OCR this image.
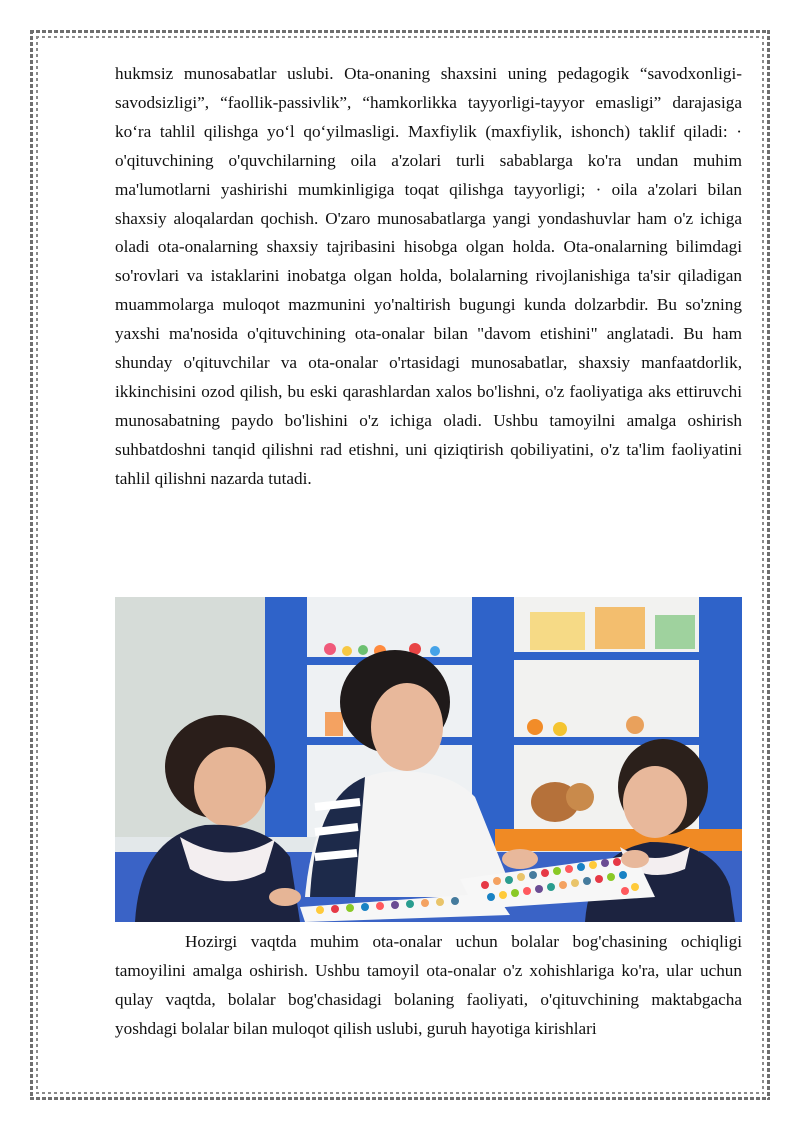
hukmsiz munosabatlar uslubi. Ota-onaning shaxsini uning pedagogik “savodxonligi-savodsizligi”, “faollik-passivlik”, “hamkorlikka tayyorligi-tayyor emasligi” darajasiga ko‘ra tahlil qilishga yo‘l qo‘yilmasligi. Maxfiylik (maxfiylik, ishonch) taklif qiladi: · o'qituvchining o'quvchilarning oila a'zolari turli sabablarga ko'ra undan muhim ma'lumotlarni yashirishi mumkinligiga toqat qilishga tayyorligi; · oila a'zolari bilan shaxsiy aloqalardan qochish. O'zaro munosabatlarga yangi yondashuvlar ham o'z ichiga oladi ota-onalarning shaxsiy tajribasini hisobga olgan holda. Ota-onalarning bilimdagi so'rovlari va istaklarini inobatga olgan holda, bolalarning rivojlanishiga ta'sir qiladigan muammolarga muloqot mazmunini yo'naltirish bugungi kunda dolzarbdir. Bu so'zning yaxshi ma'nosida o'qituvchining ota-onalar bilan "davom etishini" anglatadi. Bu ham shunday o'qituvchilar va ota-onalar o'rtasidagi munosabatlar, shaxsiy manfaatdorlik, ikkinchisini ozod qilish, bu eski qarashlardan xalos bo'lishni, o'z faoliyatiga aks ettiruvchi munosabatning paydo bo'lishini o'z ichiga oladi. Ushbu tamoyilni amalga oshirish suhbatdoshni tanqid qilishni rad etishni, uni qiziqtirish qobiliyatini, o'z ta'lim faoliyatini tahlil qilishni nazarda tutadi.

Hozirgi vaqtda muhim ota-onalar uchun bolalar bog'chasining ochiqligi tamoyilini amalga oshirish. Ushbu tamoyil ota-onalar o'z xohishlariga ko'ra, ular uchun qulay vaqtda, bolalar bog'chasidagi bolaning faoliyati, o'qituvchining maktabgacha yoshdagi bolalar bilan muloqot qilish uslubi, guruh hayotiga kirishlari
